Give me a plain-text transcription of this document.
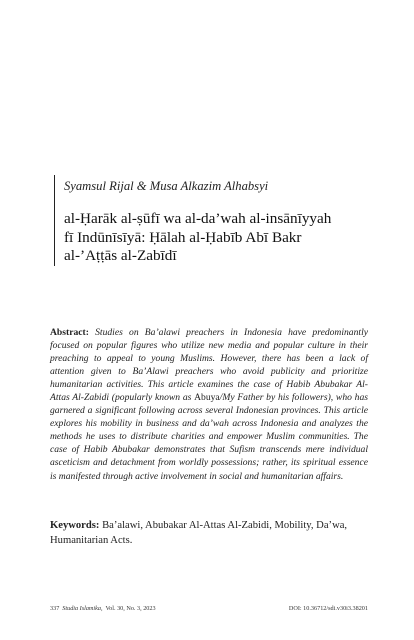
Syamsul Rijal & Musa Alkazim Alhabsyi

al-Ḥarāk al-ṣūfī wa al-da’wah al-insānīyyah
fī Indūnīsīyā: Ḥālah al-Ḥabīb Abī Bakr
al-’Aṭṭās al-Zabīdī
Abstract: Studies on Ba’alawi preachers in Indonesia have predominantly focused on popular figures who utilize new media and popular culture in their preaching to appeal to young Muslims. However, there has been a lack of attention given to Ba’Alawi preachers who avoid publicity and prioritize humanitarian activities. This article examines the case of Habib Abubakar Al-Attas Al-Zabidi (popularly known as Abuya/My Father by his followers), who has garnered a significant following across several Indonesian provinces. This article explores his mobility in business and da’wah across Indonesia and analyzes the methods he uses to distribute charities and empower Muslim communities. The case of Habib Abubakar demonstrates that Sufism transcends mere individual asceticism and detachment from worldly possessions; rather, its spiritual essence is manifested through active involvement in social and humanitarian affairs.
Keywords: Ba’alawi, Abubakar Al-Attas Al-Zabidi, Mobility, Da’wa, Humanitarian Acts.
337 Studia Islamika, Vol. 30, No. 3, 2023	DOI: 10.36712/sdi.v30i3.38201
